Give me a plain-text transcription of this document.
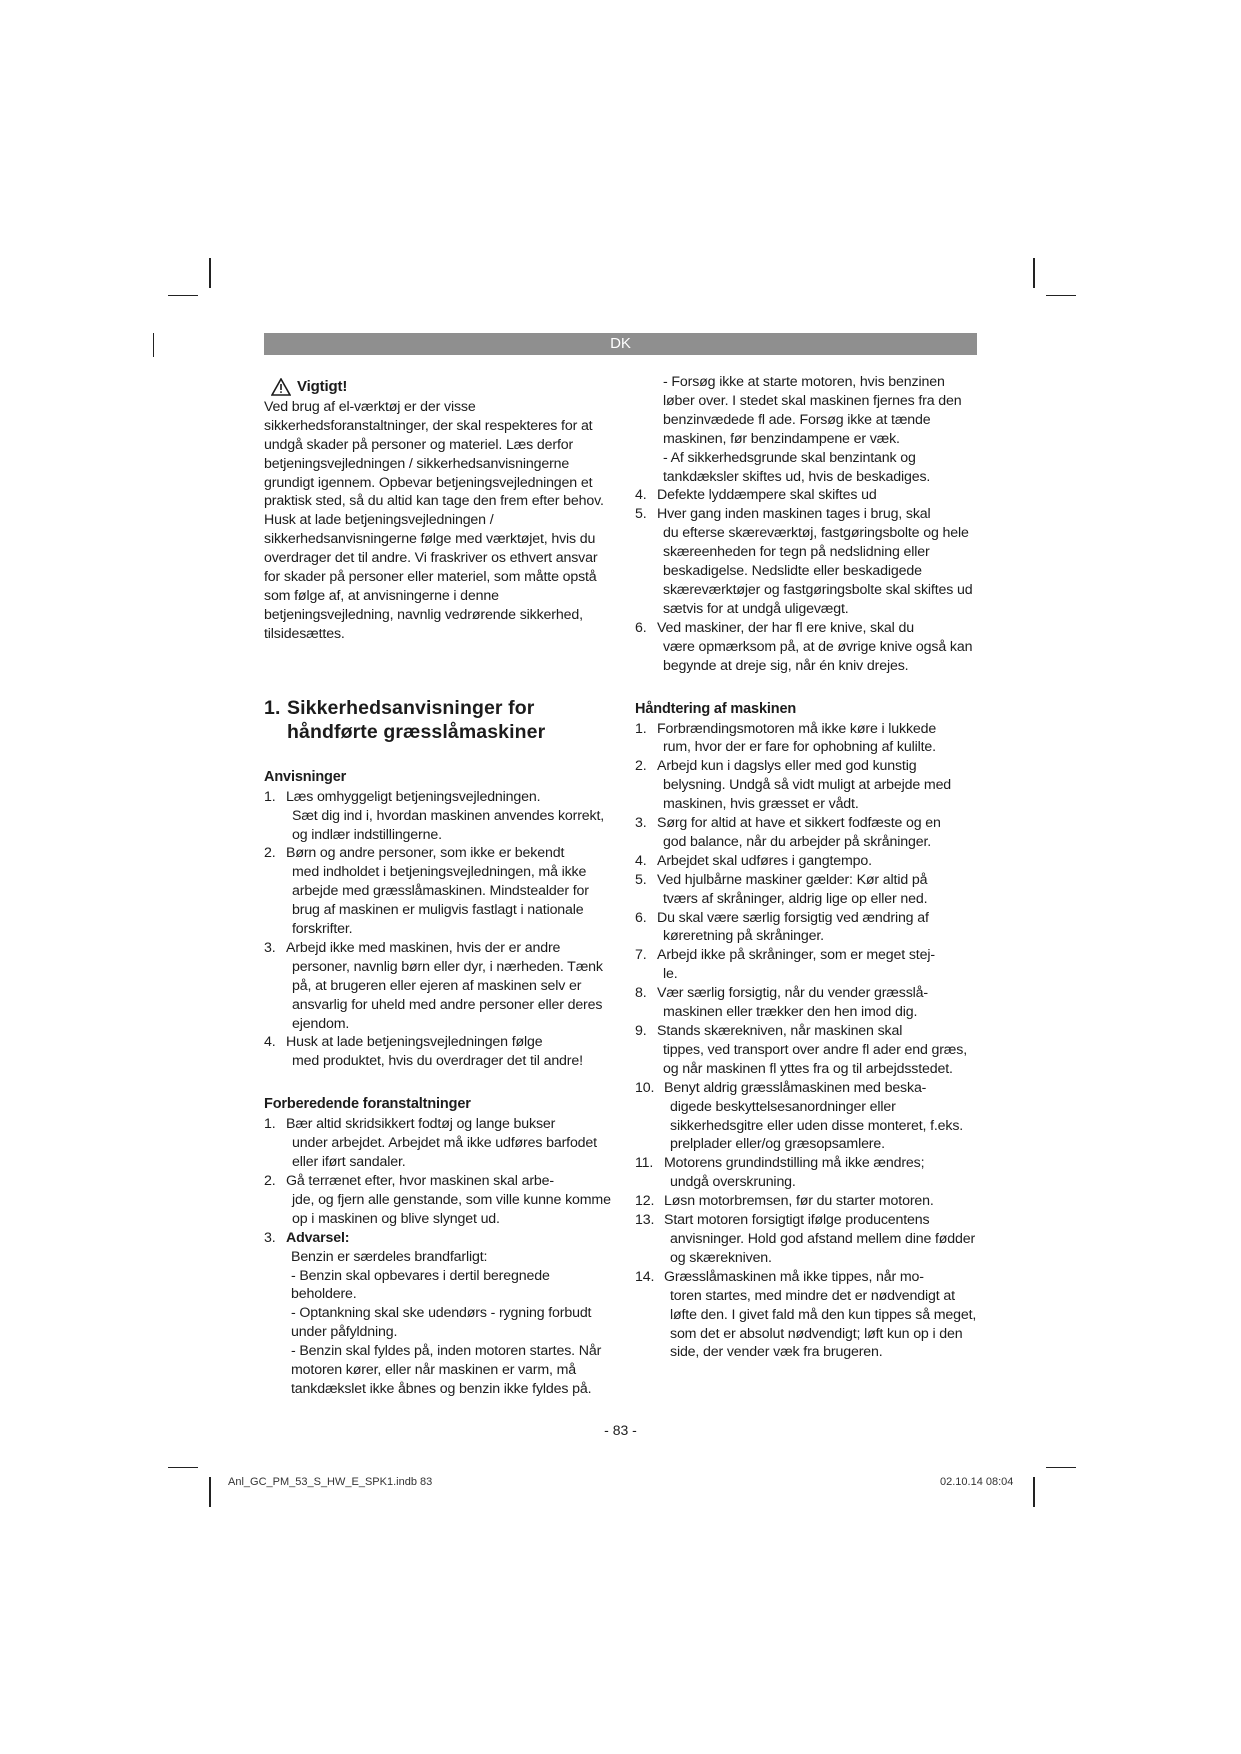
DK
Vigtigt!
Ved brug af el-værktøj er der visse sikkerhedsforanstaltninger, der skal respekteres for at undgå skader på personer og materiel. Læs derfor betjeningsvejledningen / sikkerhedsanvisningerne grundigt igennem. Opbevar betjeningsvejledningen et praktisk sted, så du altid kan tage den frem efter behov. Husk at lade betjeningsvejledningen / sikkerhedsanvisningerne følge med værktøjet, hvis du overdrager det til andre. Vi fraskriver os ethvert ansvar for skader på personer eller materiel, som måtte opstå som følge af, at anvisningerne i denne betjeningsvejledning, navnlig vedrørende sikkerhed, tilsidesættes.
1. Sikkerhedsanvisninger for håndførte græsslåmaskiner
Anvisninger
1. Læs omhyggeligt betjeningsvejledningen.
Sæt dig ind i, hvordan maskinen anvendes korrekt, og indlær indstillingerne.
2. Børn og andre personer, som ikke er bekendt
med indholdet i betjeningsvejledningen, må ikke arbejde med græsslåmaskinen. Mindstealder for brug af maskinen er muligvis fastlagt i nationale forskrifter.
3. Arbejd ikke med maskinen, hvis der er andre
personer, navnlig børn eller dyr, i nærheden. Tænk på, at brugeren eller ejeren af maskinen selv er ansvarlig for uheld med andre personer eller deres ejendom.
4. Husk at lade betjeningsvejledningen følge
med produktet, hvis du overdrager det til andre!
Forberedende foranstaltninger
1. Bær altid skridsikkert fodtøj og lange bukser
under arbejdet. Arbejdet må ikke udføres barfodet eller iført sandaler.
2. Gå terrænet efter, hvor maskinen skal arbe-
jde, og fjern alle genstande, som ville kunne komme op i maskinen og blive slynget ud.
3. Advarsel:
Benzin er særdeles brandfarligt:
- Benzin skal opbevares i dertil beregnede beholdere.
- Optankning skal ske udendørs - rygning forbudt under påfyldning.
- Benzin skal fyldes på, inden motoren startes. Når motoren kører, eller når maskinen er varm, må tankdækslet ikke åbnes og benzin ikke fyldes på.
- Forsøg ikke at starte motoren, hvis benzinen løber over. I stedet skal maskinen fjernes fra den benzinvædede fl ade. Forsøg ikke at tænde maskinen, før benzindampene er væk.
- Af sikkerhedsgrunde skal benzintank og tankdæksler skiftes ud, hvis de beskadiges.
4. Defekte lyddæmpere skal skiftes ud
5. Hver gang inden maskinen tages i brug, skal
du efterse skæreværktøj, fastgøringsbolte og hele skæreenheden for tegn på nedslidning eller beskadigelse. Nedslidte eller beskadigede skæreværktøjer og fastgøringsbolte skal skiftes ud sætvis for at undgå uligevægt.
6. Ved maskiner, der har fl ere knive, skal du
være opmærksom på, at de øvrige knive også kan begynde at dreje sig, når én kniv drejes.
Håndtering af maskinen
1. Forbrændingsmotoren må ikke køre i lukkede
rum, hvor der er fare for ophobning af kulilte.
2. Arbejd kun i dagslys eller med god kunstig
belysning. Undgå så vidt muligt at arbejde med maskinen, hvis græsset er vådt.
3. Sørg for altid at have et sikkert fodfæste og en
god balance, når du arbejder på skråninger.
4. Arbejdet skal udføres i gangtempo.
5. Ved hjulbårne maskiner gælder: Kør altid på
tværs af skråninger, aldrig lige op eller ned.
6. Du skal være særlig forsigtig ved ændring af
køreretning på skråninger.
7. Arbejd ikke på skråninger, som er meget stej-
le.
8. Vær særlig forsigtig, når du vender græsslå-
maskinen eller trækker den hen imod dig.
9. Stands skærekniven, når maskinen skal
tippes, ved transport over andre fl ader end græs, og når maskinen fl yttes fra og til arbejdsstedet.
10. Benyt aldrig græsslåmaskinen med beska-
digede beskyttelsesanordninger eller sikkerhedsgitre eller uden disse monteret, f.eks. prelplader eller/og græsopsamlere.
11. Motorens grundindstilling må ikke ændres;
undgå overskruning.
12. Løsn motorbremsen, før du starter motoren.
13. Start motoren forsigtigt ifølge producentens
anvisninger. Hold god afstand mellem dine fødder og skærekniven.
14. Græsslåmaskinen må ikke tippes, når mo-
toren startes, med mindre det er nødvendigt at løfte den. I givet fald må den kun tippes så meget, som det er absolut nødvendigt; løft kun op i den side, der vender væk fra brugeren.
- 83 -
Anl_GC_PM_53_S_HW_E_SPK1.indb 83	02.10.14 08:04
